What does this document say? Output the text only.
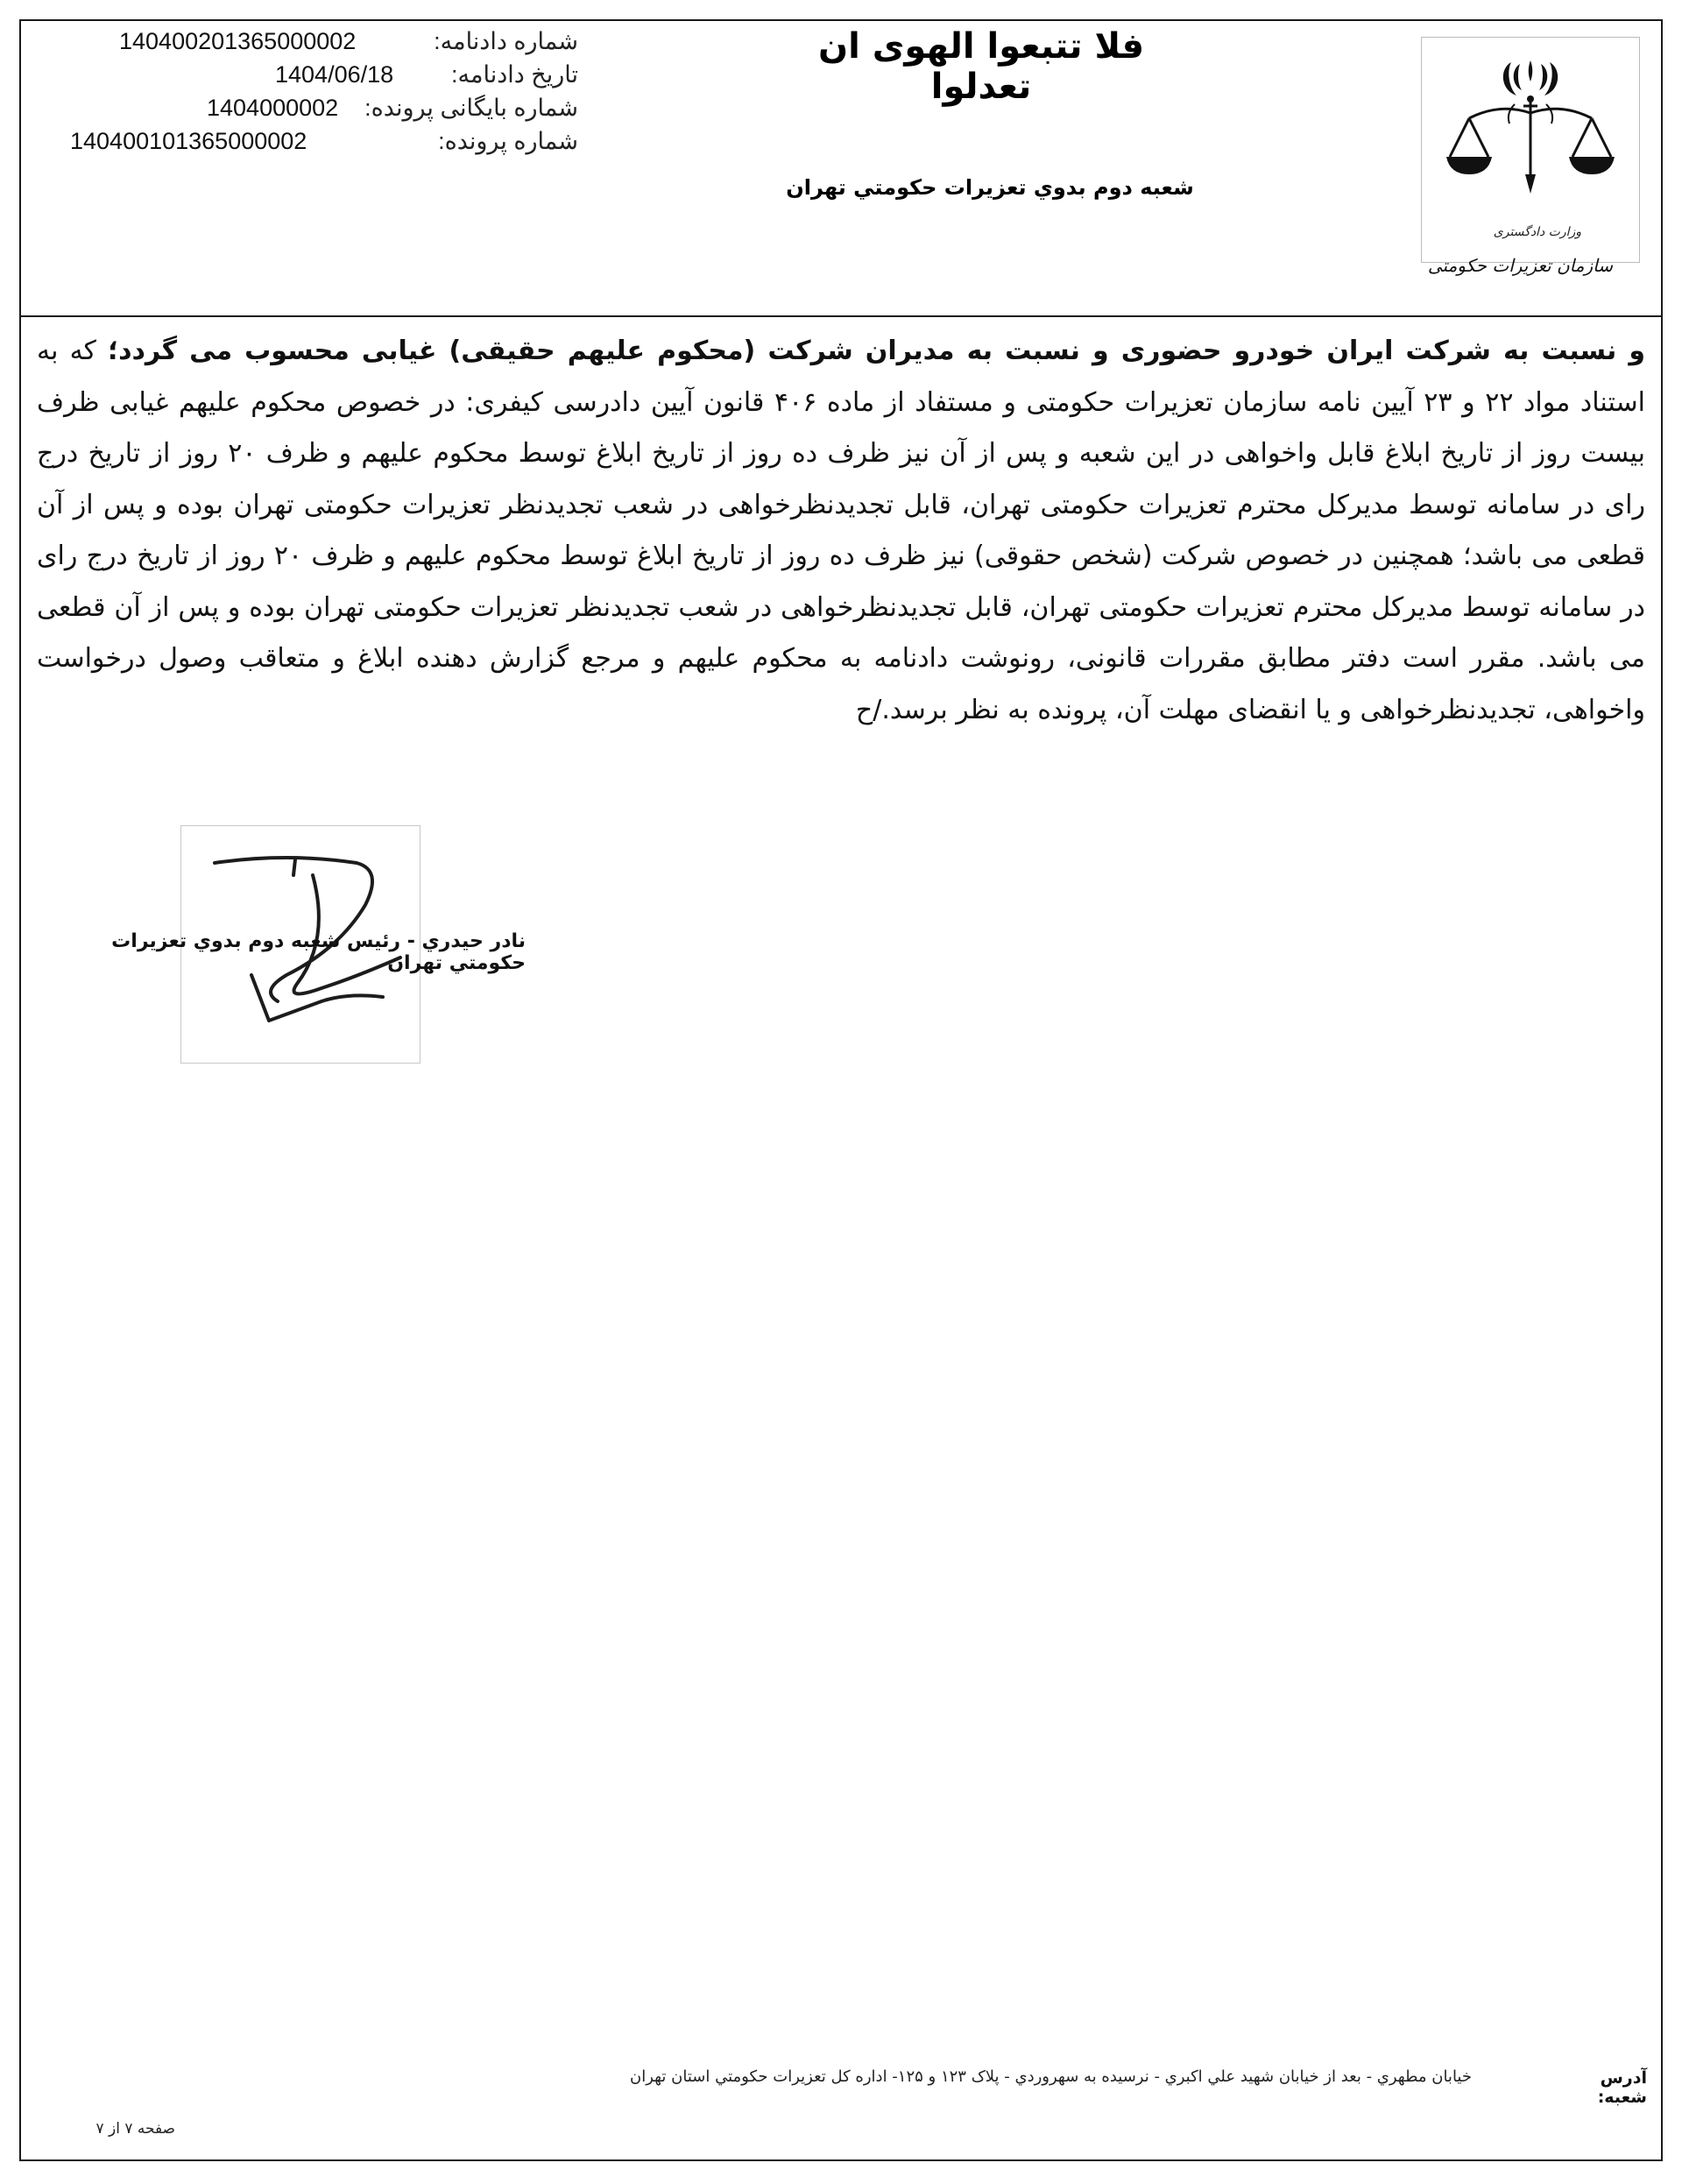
وزارت دادگستری
سازمان تعزیرات حکومتی
فلا تتبعوا الهوی ان تعدلوا
شعبه دوم بدوي تعزيرات حکومتي تهران
شماره دادنامه:
140400201365000002
تاریخ دادنامه:
1404/06/18
شماره بایگانی پرونده:
1404000002
شماره پرونده:
140400101365000002
و نسبت به شرکت ایران خودرو حضوری و نسبت به مدیران شرکت (محکوم علیهم حقیقی) غیابی محسوب می گردد؛ که به استناد مواد ۲۲ و ۲۳ آیین نامه سازمان تعزیرات حکومتی و مستفاد از ماده ۴۰۶ قانون آیین دادرسی کیفری: در خصوص محکوم علیهم غیابی ظرف بیست روز از تاریخ ابلاغ قابل واخواهی در این شعبه و پس از آن نیز ظرف ده روز از تاریخ ابلاغ توسط محکوم علیهم و ظرف ۲۰ روز از تاریخ درج رای در سامانه توسط مدیرکل محترم تعزیرات حکومتی تهران، قابل تجدیدنظرخواهی در شعب تجدیدنظر تعزیرات حکومتی تهران بوده و پس از آن قطعی می باشد؛ همچنین در خصوص شرکت (شخص حقوقی) نیز ظرف ده روز از تاریخ ابلاغ توسط محکوم علیهم و ظرف ۲۰ روز از تاریخ درج رای در سامانه توسط مدیرکل محترم تعزیرات حکومتی تهران، قابل تجدیدنظرخواهی در شعب تجدیدنظر تعزیرات حکومتی تهران بوده و پس از آن قطعی می باشد. مقرر است دفتر مطابق مقررات قانونی، رونوشت دادنامه به محکوم علیهم و مرجع گزارش دهنده ابلاغ و متعاقب وصول درخواست واخواهی، تجدیدنظرخواهی و یا انقضای مهلت آن، پرونده به نظر برسد./ح
نادر حيدري - رئيس شعبه دوم بدوي تعزيرات حکومتي تهران
آدرس شعبه:
خيابان مطهري - بعد از خيابان شهيد علي اکبري - نرسيده به سهروردي - پلاک ۱۲۳ و ۱۲۵- اداره کل تعزيرات حکومتي استان تهران
صفحه ۷ از ۷
